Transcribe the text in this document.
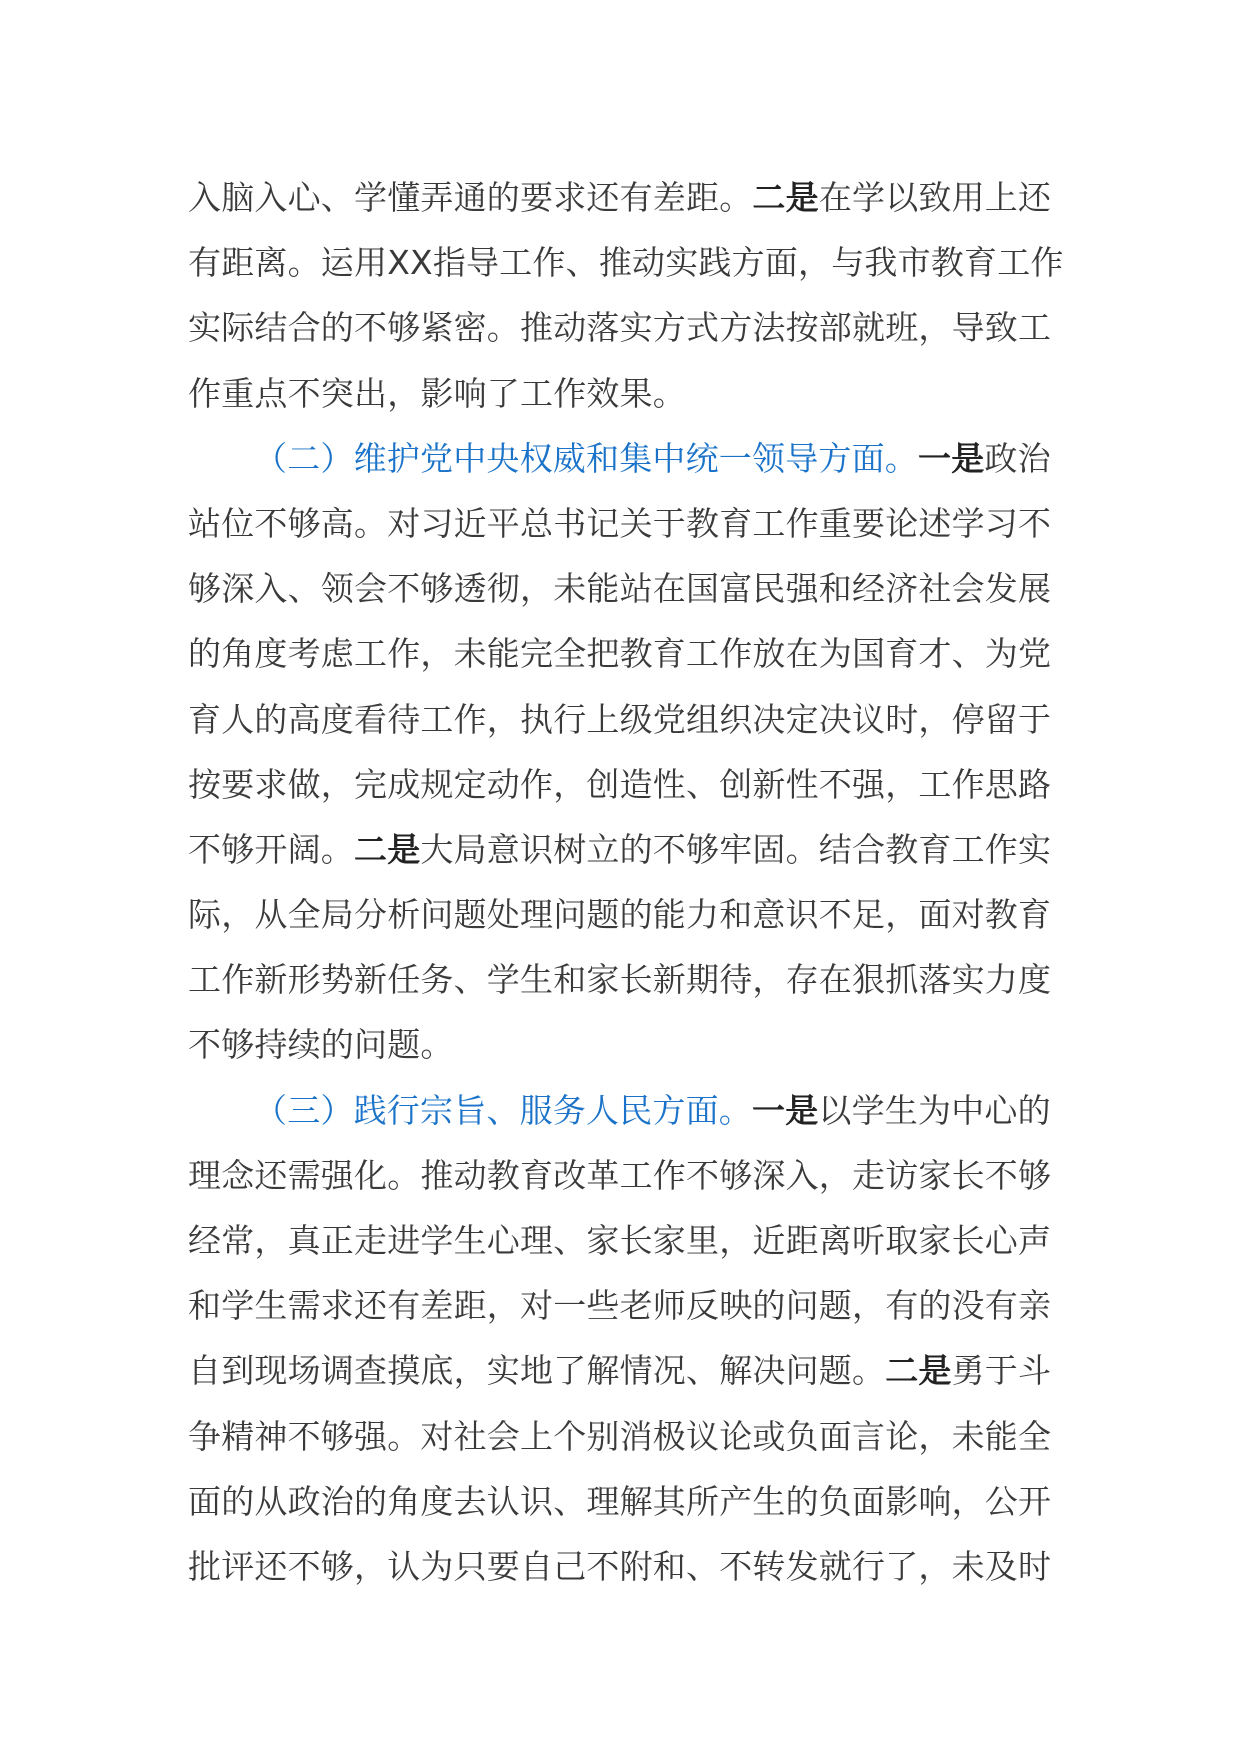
入脑入心、学懂弄通的要求还有差距。二是在学以致用上还
有距离。运用XX指导工作、推动实践方面，与我市教育工作
实际结合的不够紧密。推动落实方式方法按部就班，导致工
作重点不突出，影响了工作效果。
（二）维护党中央权威和集中统一领导方面。一是政治
站位不够高。对习近平总书记关于教育工作重要论述学习不
够深入、领会不够透彻，未能站在国富民强和经济社会发展
的角度考虑工作，未能完全把教育工作放在为国育才、为党
育人的高度看待工作，执行上级党组织决定决议时，停留于
按要求做，完成规定动作，创造性、创新性不强，工作思路
不够开阔。二是大局意识树立的不够牢固。结合教育工作实
际，从全局分析问题处理问题的能力和意识不足，面对教育
工作新形势新任务、学生和家长新期待，存在狠抓落实力度
不够持续的问题。
（三）践行宗旨、服务人民方面。一是以学生为中心的
理念还需强化。推动教育改革工作不够深入，走访家长不够
经常，真正走进学生心理、家长家里，近距离听取家长心声
和学生需求还有差距，对一些老师反映的问题，有的没有亲
自到现场调查摸底，实地了解情况、解决问题。二是勇于斗
争精神不够强。对社会上个别消极议论或负面言论，未能全
面的从政治的角度去认识、理解其所产生的负面影响，公开
批评还不够，认为只要自己不附和、不转发就行了，未及时
